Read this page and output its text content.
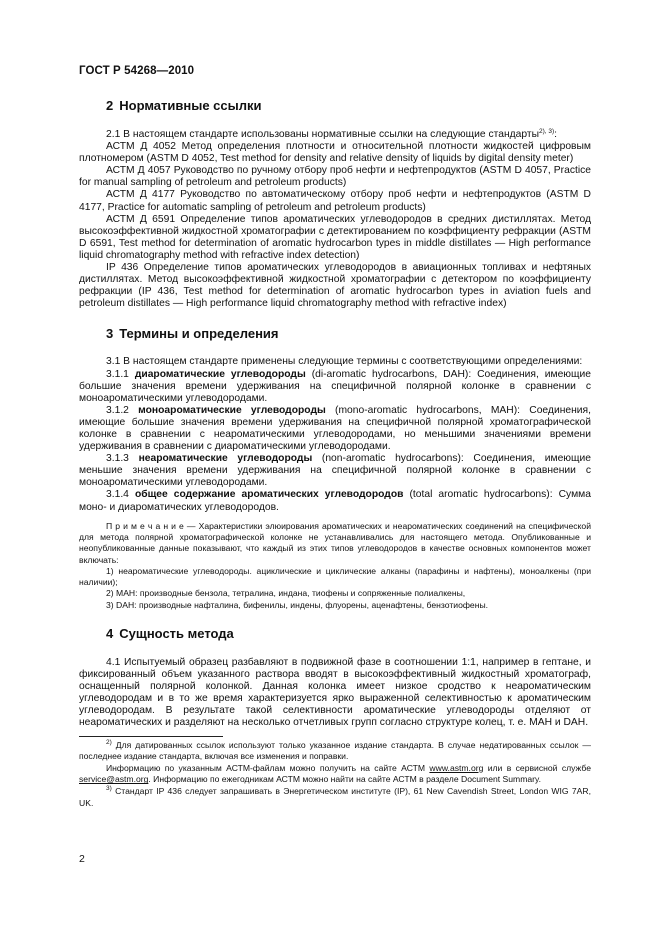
ГОСТ Р 54268—2010
2 Нормативные ссылки

2.1 В настоящем стандарте использованы нормативные ссылки на следующие стандарты$^{2), 3)}$:

АСТМ Д 4052 Метод определения плотности и относительной плотности жидкостей цифровым плотномером (ASTM D 4052, Test method for density and relative density of liquids by digital density meter)

АСТМ Д 4057 Руководство по ручному отбору проб нефти и нефтепродуктов (ASTM D 4057, Practice for manual sampling of petroleum and petroleum products)

АСТМ Д 4177 Руководство по автоматическому отбору проб нефти и нефтепродуктов (ASTM D 4177, Practice for automatic sampling of petroleum and petroleum products)

АСТМ Д 6591 Определение типов ароматических углеводородов в средних дистиллятах. Метод высокоэффективной жидкостной хроматографии с детектированием по коэффициенту рефракции (ASTM D 6591, Test method for determination of aromatic hydrocarbon types in middle distillates — High performance liquid chromatography method with refractive index detection)

IP 436 Определение типов ароматических углеводородов в авиационных топливах и нефтяных дистиллятах. Метод высокоэффективной жидкостной хроматографии с детектором по коэффициенту рефракции (IP 436, Test method for determination of aromatic hydrocarbon types in aviation fuels and petroleum distillates — High performance liquid chromatography method with refractive index)

3 Термины и определения

3.1 В настоящем стандарте применены следующие термины с соответствующими определениями:

3.1.1 диароматические углеводороды (di-aromatic hydrocarbons, DAH): Соединения, имеющие большие значения времени удерживания на специфичной полярной колонке в сравнении с моноароматическими углеводородами.

3.1.2 моноароматические углеводороды (mono-aromatic hydrocarbons, MAH): Соединения, имеющие большие значения времени удерживания на специфичной полярной хроматографической колонке в сравнении с неароматическими углеводородами, но меньшими значениями времени удерживания в сравнении с диароматическими углеводородами.

3.1.3 неароматические углеводороды (non-aromatic hydrocarbons): Соединения, имеющие меньшие значения времени удерживания на специфичной полярной колонке в сравнении с моноароматическими углеводородами.

3.1.4 общее содержание ароматических углеводородов (total aromatic hydrocarbons): Сумма моно- и диароматических углеводородов.

П р и м е ч а н и е — Характеристики элюирования ароматических и неароматических соединений на специфической для метода полярной хроматографической колонке не устанавливались для настоящего метода. Опубликованные и неопубликованные данные показывают, что каждый из этих типов углеводородов в качестве основных компонентов может включать:

1) неароматические углеводороды. ациклические и циклические алканы (парафины и нафтены), моноалкены (при наличии);

2) MAH: производные бензола, тетралина, индана, тиофены и сопряженные полиалкены,

3) DAH: производные нафталина, бифенилы, индены, флуорены, аценафтены, бензотиофены.

4 Сущность метода

4.1 Испытуемый образец разбавляют в подвижной фазе в соотношении 1:1, например в гептане, и фиксированный объем указанного раствора вводят в высокоэффективный жидкостный хроматограф, оснащенный полярной колонкой. Данная колонка имеет низкое сродство к неароматическим углеводородам и в то же время характеризуется ярко выраженной селективностью к ароматическим углеводородам. В результате такой селективности ароматические углеводороды отделяют от неароматических и разделяют на несколько отчетливых групп согласно структуре колец, т. е. MAH и DAH.

$^{2)}$ Для датированных ссылок используют только указанное издание стандарта. В случае недатированных ссылок — последнее издание стандарта, включая все изменения и поправки.

Информацию по указанным АСТМ-файлам можно получить на сайте АСТМ www.astm.org или в сервисной службе service@astm.org. Информацию по ежегодникам АСТМ можно найти на сайте АСТМ в разделе Document Summary.

$^{3)}$ Стандарт IP 436 следует запрашивать в Энергетическом институте (IP), 61 New Cavendish Street, London WIG 7AR, UK.

2
